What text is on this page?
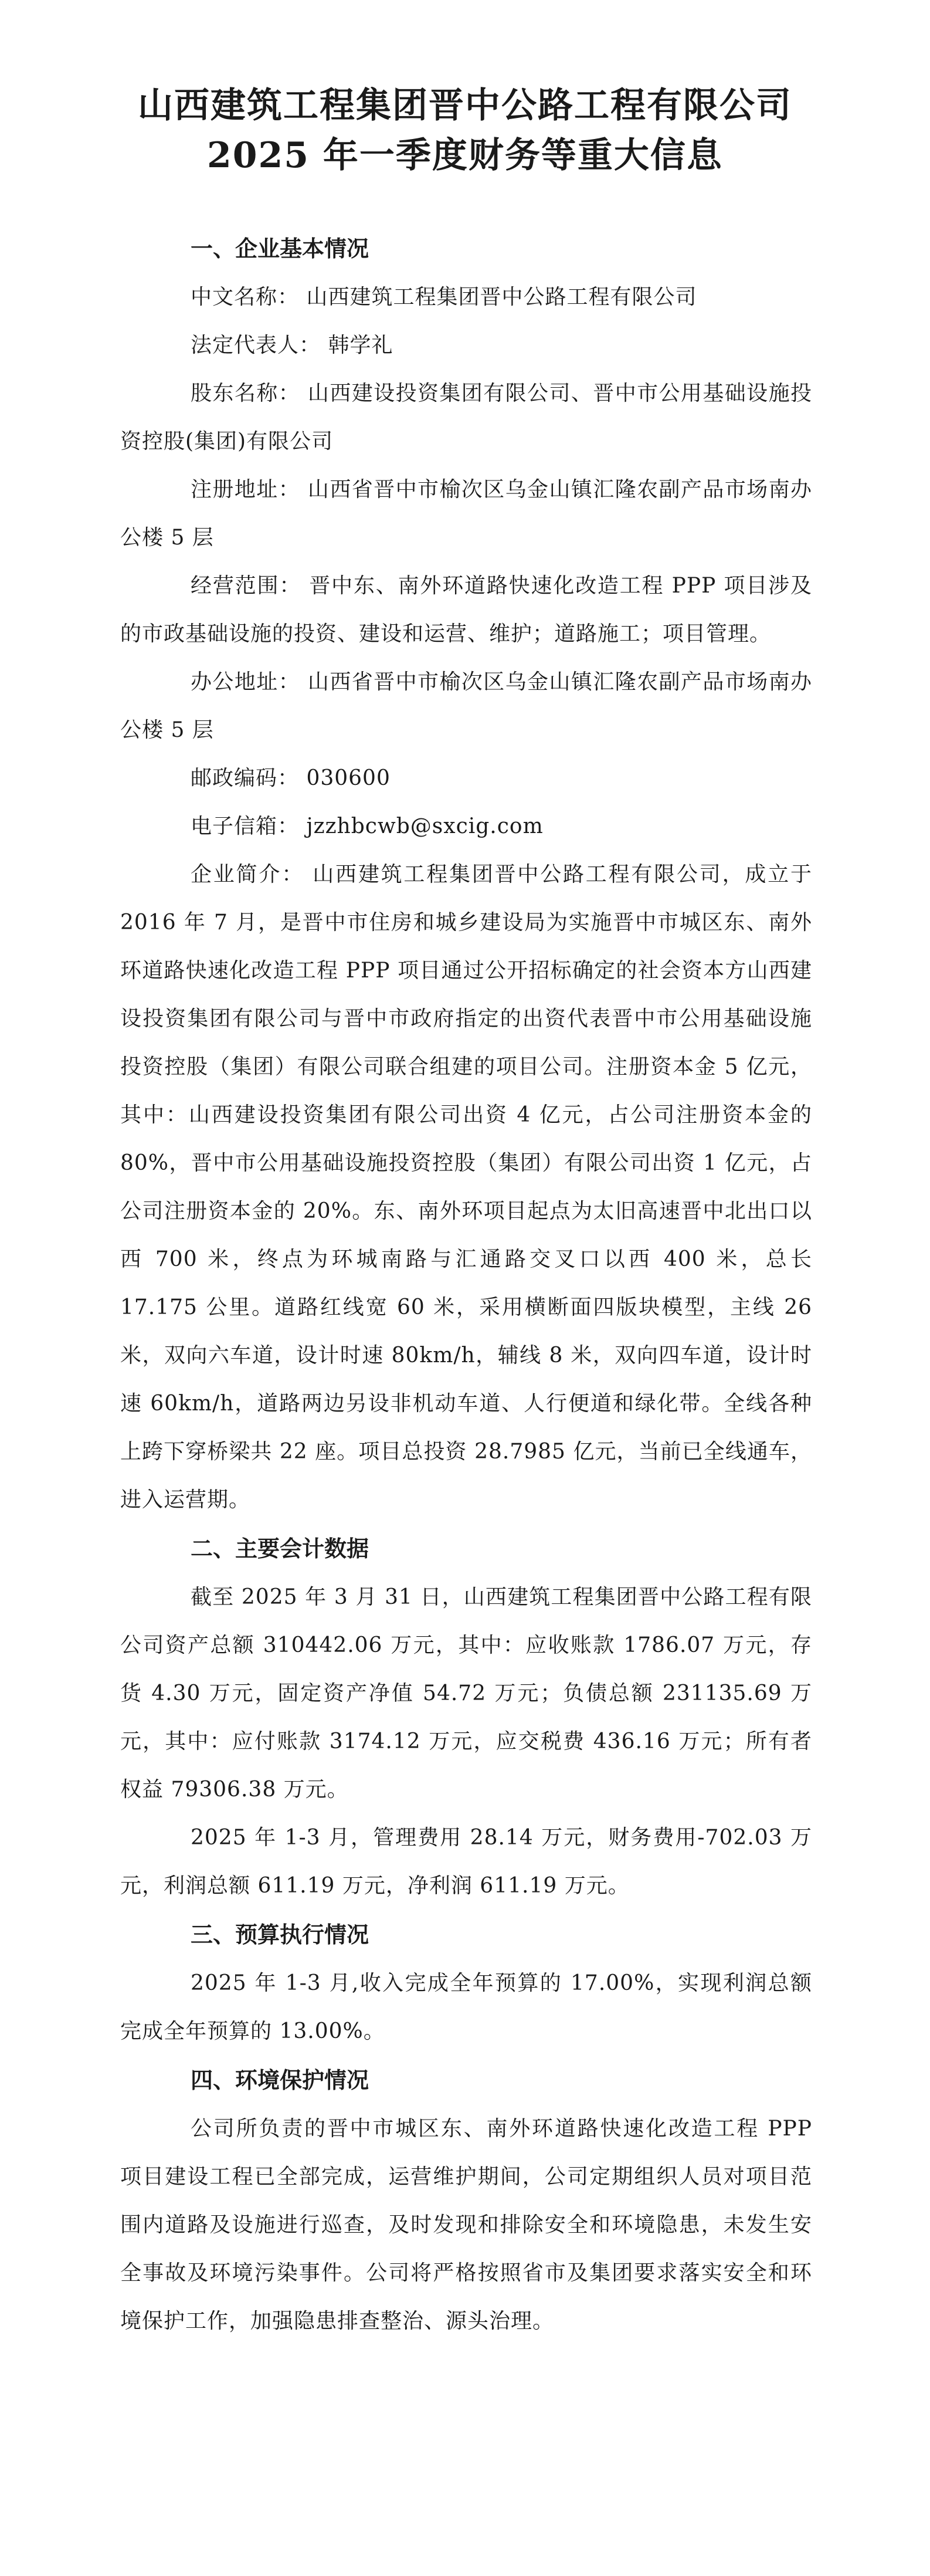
山西建筑工程集团晋中公路工程有限公司
2025 年一季度财务等重大信息
一、企业基本情况
中文名称： 山西建筑工程集团晋中公路工程有限公司
法定代表人： 韩学礼
股东名称： 山西建设投资集团有限公司、晋中市公用基础设施投资控股(集团)有限公司
注册地址： 山西省晋中市榆次区乌金山镇汇隆农副产品市场南办公楼 5 层
经营范围： 晋中东、南外环道路快速化改造工程 PPP 项目涉及的市政基础设施的投资、建设和运营、维护；道路施工；项目管理。
办公地址： 山西省晋中市榆次区乌金山镇汇隆农副产品市场南办公楼 5 层
邮政编码： 030600
电子信箱： jzzhbcwb@sxcig.com
企业简介： 山西建筑工程集团晋中公路工程有限公司，成立于 2016 年 7 月，是晋中市住房和城乡建设局为实施晋中市城区东、南外环道路快速化改造工程 PPP 项目通过公开招标确定的社会资本方山西建设投资集团有限公司与晋中市政府指定的出资代表晋中市公用基础设施投资控股（集团）有限公司联合组建的项目公司。注册资本金 5 亿元，其中：山西建设投资集团有限公司出资 4 亿元，占公司注册资本金的 80%，晋中市公用基础设施投资控股（集团）有限公司出资 1 亿元，占公司注册资本金的 20%。东、南外环项目起点为太旧高速晋中北出口以西 700 米，终点为环城南路与汇通路交叉口以西 400 米，总长 17.175 公里。道路红线宽 60 米，采用横断面四版块模型，主线 26 米，双向六车道，设计时速 80km/h，辅线 8 米，双向四车道，设计时速 60km/h，道路两边另设非机动车道、人行便道和绿化带。全线各种上跨下穿桥梁共 22 座。项目总投资 28.7985 亿元，当前已全线通车，进入运营期。
二、主要会计数据
截至 2025 年 3 月 31 日，山西建筑工程集团晋中公路工程有限公司资产总额 310442.06 万元，其中：应收账款 1786.07 万元，存货 4.30 万元，固定资产净值 54.72 万元；负债总额 231135.69 万元，其中：应付账款 3174.12 万元，应交税费 436.16 万元；所有者权益 79306.38 万元。
2025 年 1-3 月，管理费用 28.14 万元，财务费用-702.03 万元，利润总额 611.19 万元，净利润 611.19 万元。
三、预算执行情况
2025 年 1-3 月,收入完成全年预算的 17.00%，实现利润总额完成全年预算的 13.00%。
四、环境保护情况
公司所负责的晋中市城区东、南外环道路快速化改造工程 PPP 项目建设工程已全部完成，运营维护期间，公司定期组织人员对项目范围内道路及设施进行巡查，及时发现和排除安全和环境隐患，未发生安全事故及环境污染事件。公司将严格按照省市及集团要求落实安全和环境保护工作，加强隐患排查整治、源头治理。
